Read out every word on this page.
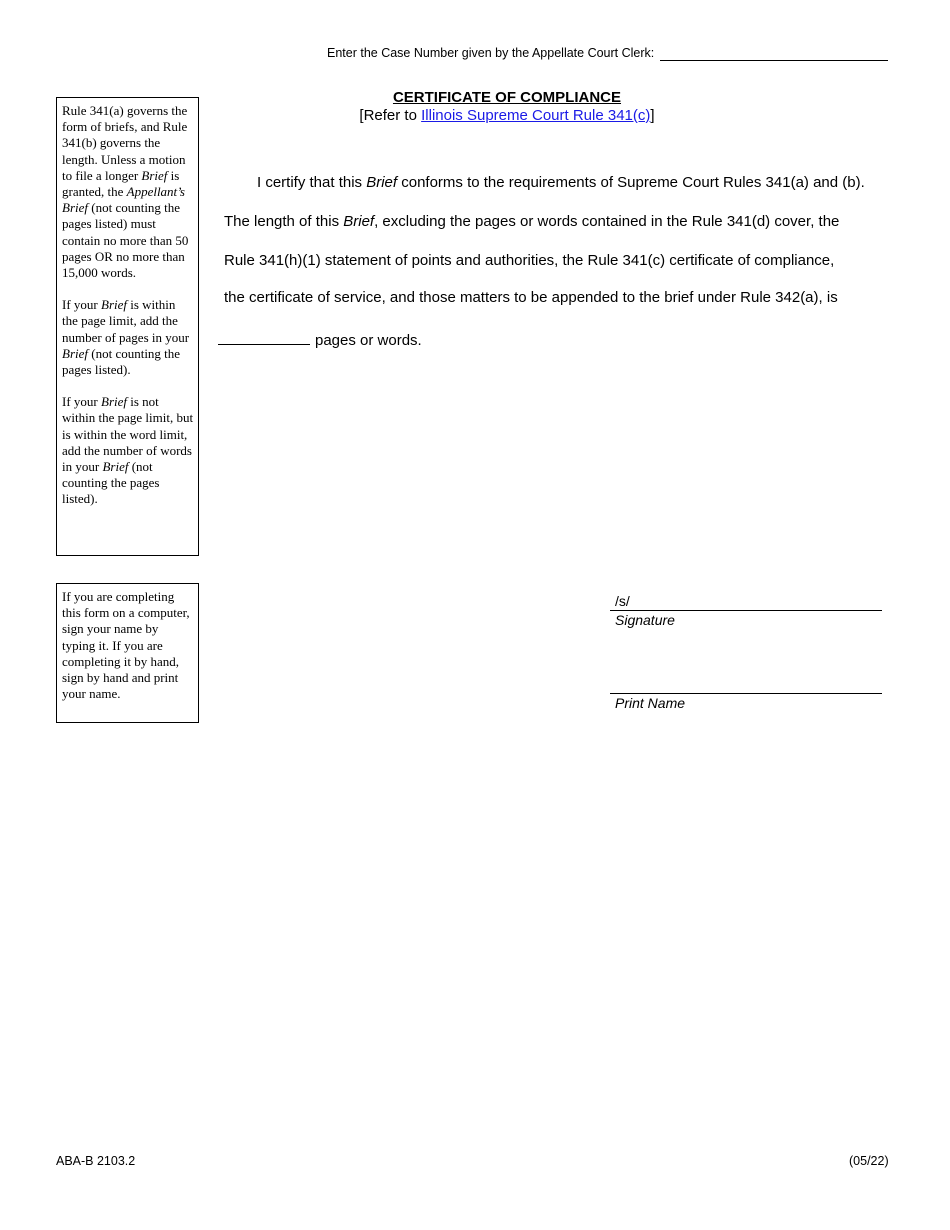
Enter the Case Number given by the Appellate Court Clerk:
CERTIFICATE OF COMPLIANCE
[Refer to Illinois Supreme Court Rule 341(c)]

Rule 341(a) governs the form of briefs, and Rule 341(b) governs the length. Unless a motion to file a longer Brief is granted, the Appellant’s Brief (not counting the pages listed) must contain no more than 50 pages OR no more than 15,000 words.

If your Brief is within the page limit, add the number of pages in your Brief (not counting the pages listed).

If your Brief is not within the page limit, but is within the word limit, add the number of words in your Brief (not counting the pages listed).

If you are completing this form on a computer, sign your name by typing it. If you are completing it by hand, sign by hand and print your name.

I certify that this Brief conforms to the requirements of Supreme Court Rules 341(a) and (b).
The length of this Brief, excluding the pages or words contained in the Rule 341(d) cover, the
Rule 341(h)(1) statement of points and authorities, the Rule 341(c) certificate of compliance,
the certificate of service, and those matters to be appended to the brief under Rule 342(a), is
pages or words.
/s/
Signature
Print Name
ABA-B 2103.2	(05/22)
